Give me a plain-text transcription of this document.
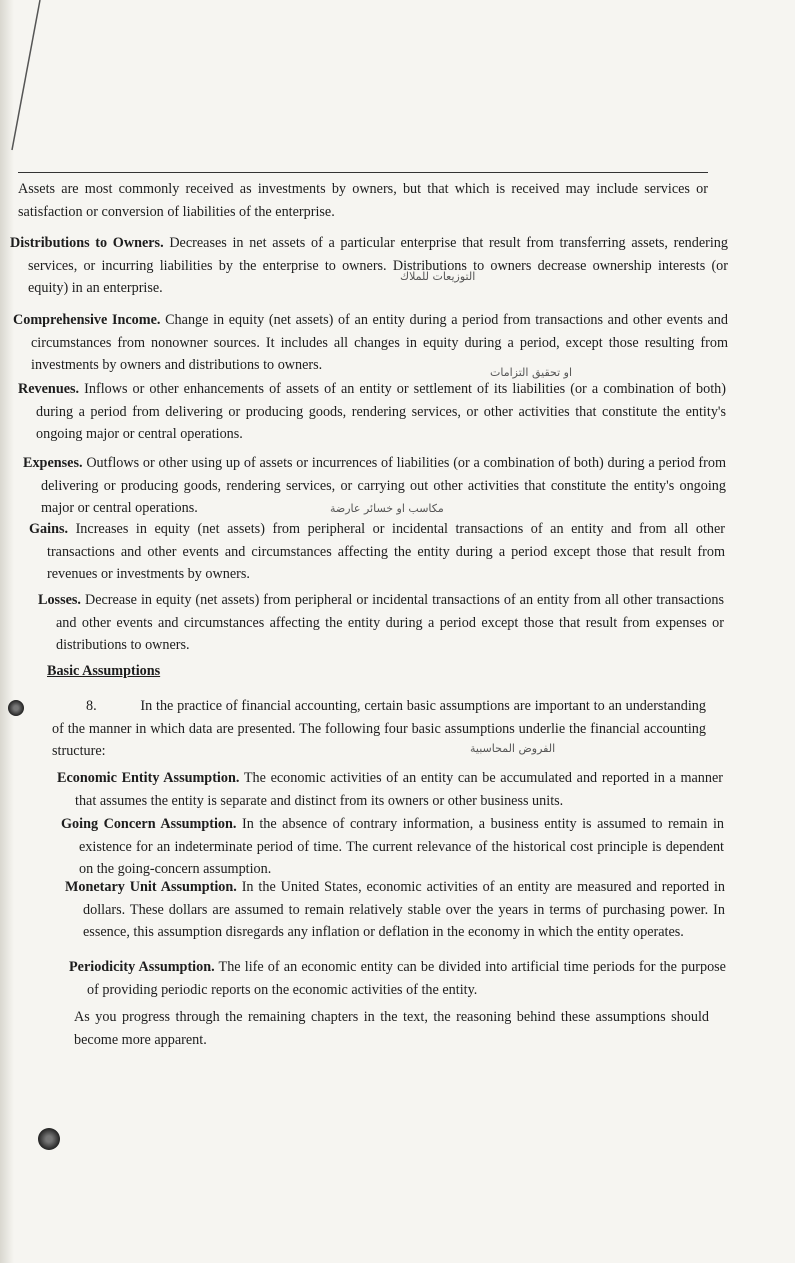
Assets are most commonly received as investments by owners, but that which is received may include services or satisfaction or conversion of liabilities of the enterprise.
Distributions to Owners. Decreases in net assets of a particular enterprise that result from transferring assets, rendering services, or incurring liabilities by the enterprise to owners. Distributions to owners decrease ownership interests (or equity) in an enterprise.
Comprehensive Income. Change in equity (net assets) of an entity during a period from transactions and other events and circumstances from nonowner sources. It includes all changes in equity during a period, except those resulting from investments by owners and distributions to owners.
Revenues. Inflows or other enhancements of assets of an entity or settlement of its liabilities (or a combination of both) during a period from delivering or producing goods, rendering services, or other activities that constitute the entity's ongoing major or central operations.
Expenses. Outflows or other using up of assets or incurrences of liabilities (or a combination of both) during a period from delivering or producing goods, rendering services, or carrying out other activities that constitute the entity's ongoing major or central operations.
Gains. Increases in equity (net assets) from peripheral or incidental transactions of an entity and from all other transactions and other events and circumstances affecting the entity during a period except those that result from revenues or investments by owners.
Losses. Decrease in equity (net assets) from peripheral or incidental transactions of an entity from all other transactions and other events and circumstances affecting the entity during a period except those that result from expenses or distributions to owners.
Basic Assumptions
8.	In the practice of financial accounting, certain basic assumptions are important to an understanding of the manner in which data are presented. The following four basic assumptions underlie the financial accounting structure:
Economic Entity Assumption. The economic activities of an entity can be accumulated and reported in a manner that assumes the entity is separate and distinct from its owners or other business units.
Going Concern Assumption. In the absence of contrary information, a business entity is assumed to remain in existence for an indeterminate period of time. The current relevance of the historical cost principle is dependent on the going-concern assumption.
Monetary Unit Assumption. In the United States, economic activities of an entity are measured and reported in dollars. These dollars are assumed to remain relatively stable over the years in terms of purchasing power. In essence, this assumption disregards any inflation or deflation in the economy in which the entity operates.
Periodicity Assumption. The life of an economic entity can be divided into artificial time periods for the purpose of providing periodic reports on the economic activities of the entity.
As you progress through the remaining chapters in the text, the reasoning behind these assumptions should become more apparent.
التوزيعات للملاك
او تحقيق التزامات
مكاسب او خسائر عارضة
الفروض المحاسبية
